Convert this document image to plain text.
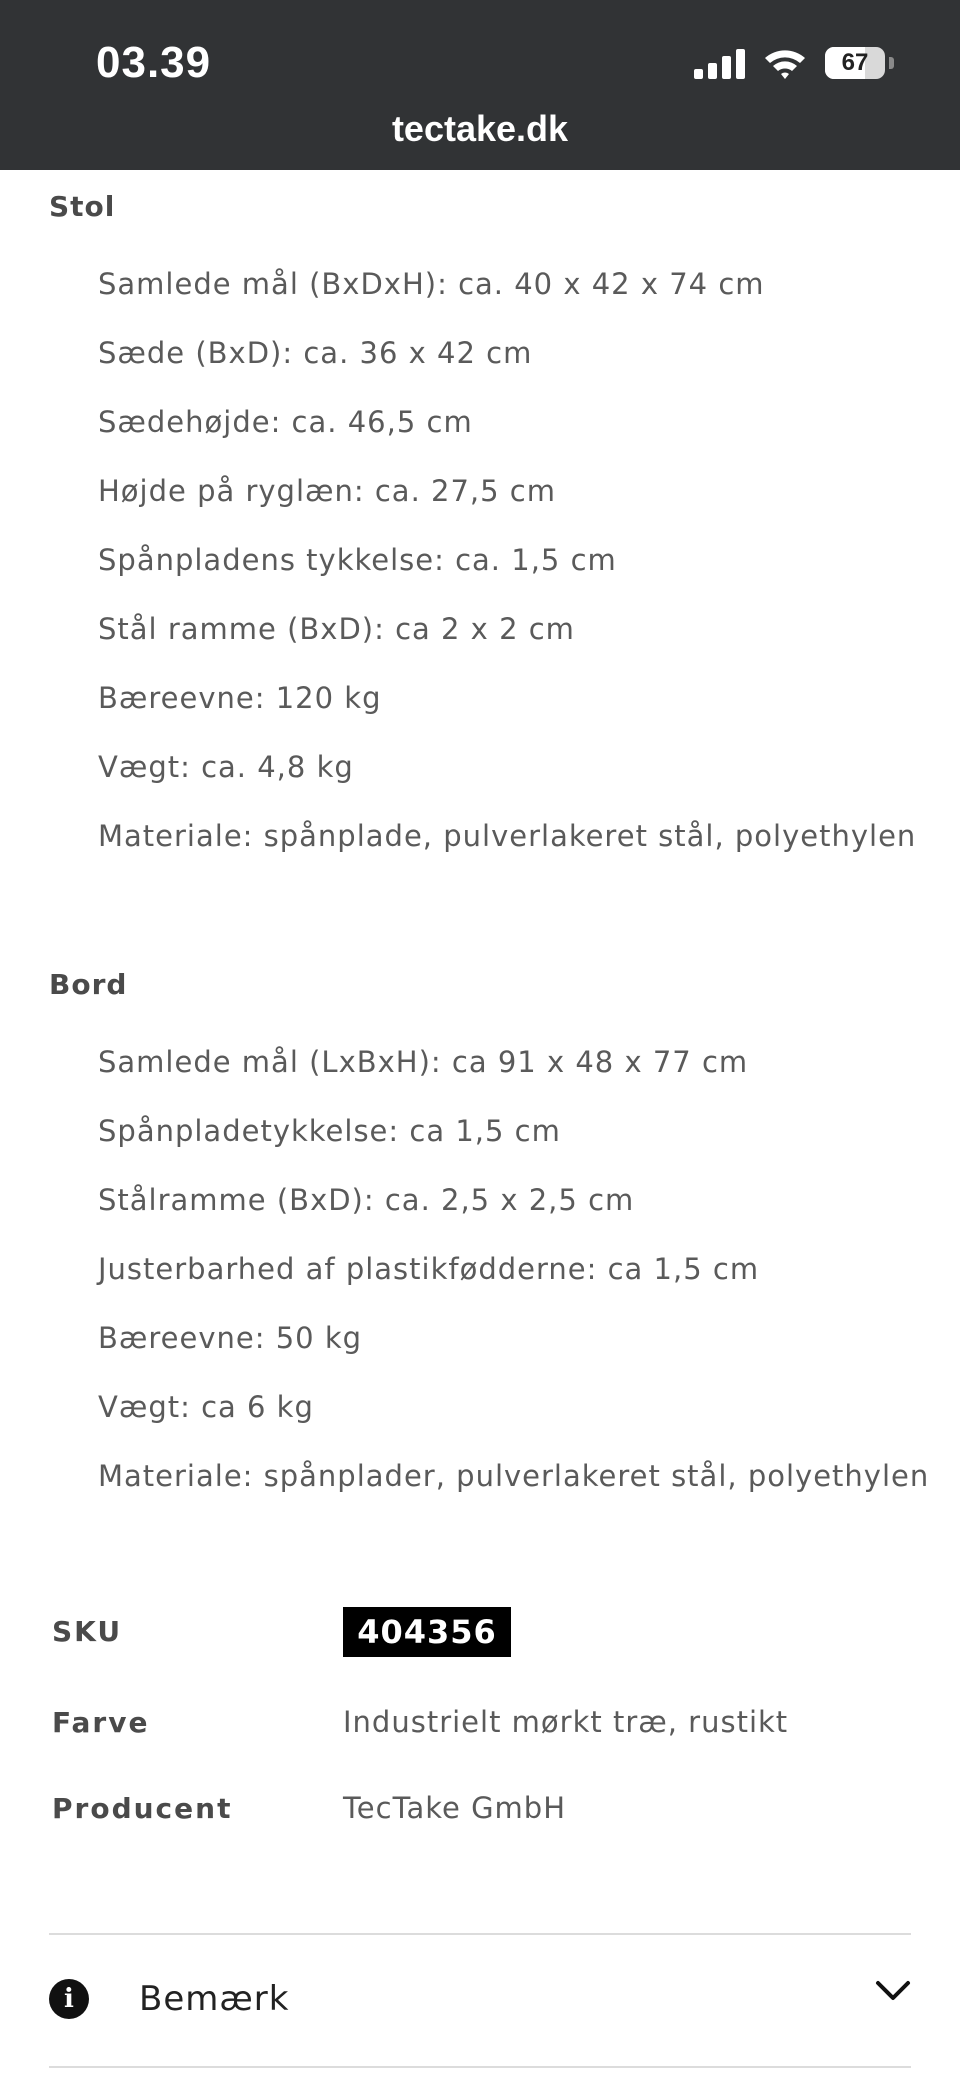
03.39	67
tectake.dk
Stol
Samlede mål (BxDxH): ca. 40 x 42 x 74 cm
Sæde (BxD): ca. 36 x 42 cm
Sædehøjde: ca. 46,5 cm
Højde på ryglæn: ca. 27,5 cm
Spånpladens tykkelse: ca. 1,5 cm
Stål ramme (BxD): ca 2 x 2 cm
Bæreevne: 120 kg
Vægt: ca. 4,8 kg
Materiale: spånplade, pulverlakeret stål, polyethylen
Bord
Samlede mål (LxBxH): ca 91 x 48 x 77 cm
Spånpladetykkelse: ca 1,5 cm
Stålramme (BxD): ca. 2,5 x 2,5 cm
Justerbarhed af plastikfødderne: ca 1,5 cm
Bæreevne: 50 kg
Vægt: ca 6 kg
Materiale: spånplader, pulverlakeret stål, polyethylen
SKU	404356
Farve	Industrielt mørkt træ, rustikt
Producent	TecTake GmbH
i	Bemærk
